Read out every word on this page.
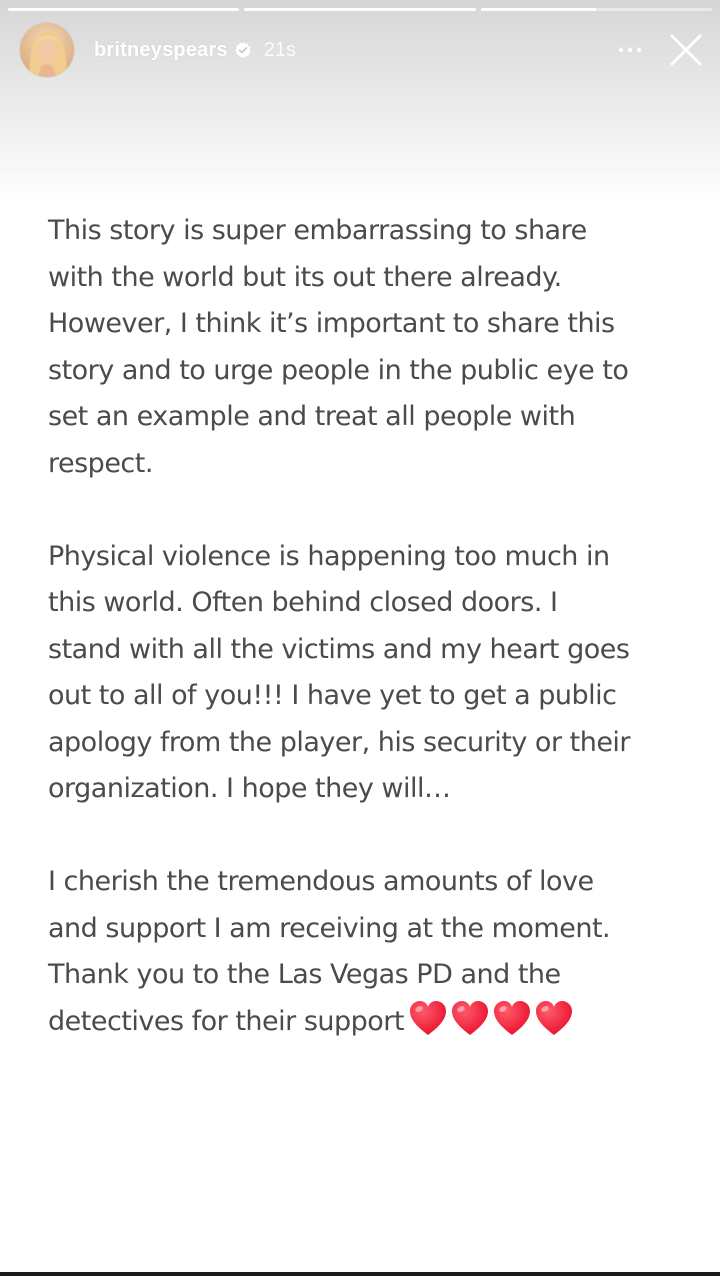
britneyspears 21s

This story is super embarrassing to share
with the world but its out there already.
However, I think it’s important to share this
story and to urge people in the public eye to
set an example and treat all people with
respect.

Physical violence is happening too much in
this world. Often behind closed doors. I
stand with all the victims and my heart goes
out to all of you!!! I have yet to get a public
apology from the player, his security or their
organization. I hope they will…

I cherish the tremendous amounts of love
and support I am receiving at the moment.
Thank you to the Las Vegas PD and the
detectives for their support
